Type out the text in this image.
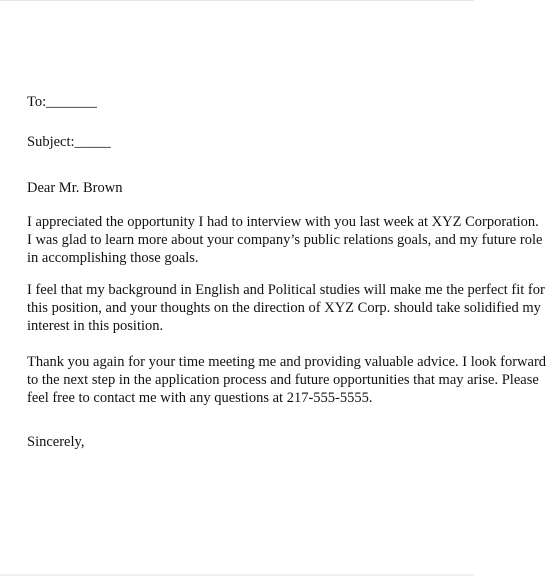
To:_______
Subject:_____
Dear Mr. Brown
I appreciated the opportunity I had to interview with you last week at XYZ Corporation.
I was glad to learn more about your company’s public relations goals, and my future role
in accomplishing those goals.
I feel that my background in English and Political studies will make me the perfect fit for
this position, and your thoughts on the direction of XYZ Corp. should take solidified my
interest in this position.
Thank you again for your time meeting me and providing valuable advice. I look forward
to the next step in the application process and future opportunities that may arise. Please
feel free to contact me with any questions at 217-555-5555.
Sincerely,
